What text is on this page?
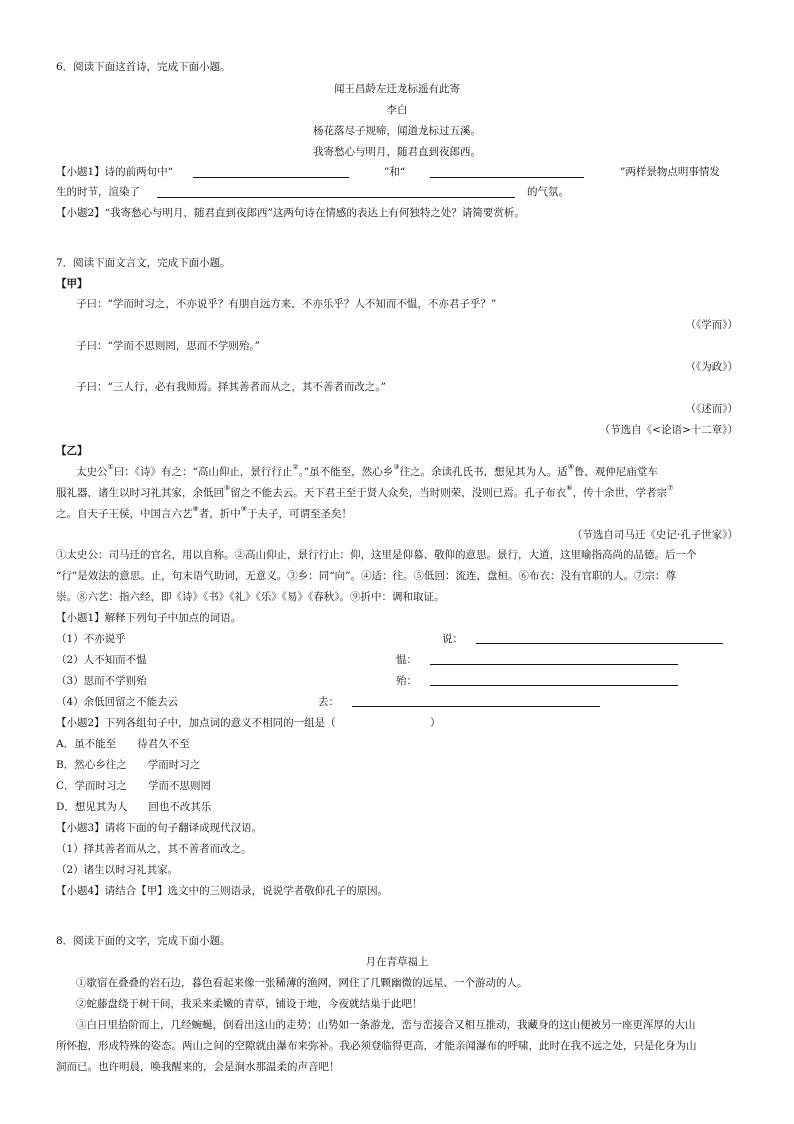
6．阅读下面这首诗，完成下面小题。
闻王昌龄左迁龙标遥有此寄
李白
杨花落尽子规啼，闻道龙标过五溪。
我寄愁心与明月，随君直到夜郎西。
【小题1】诗的前两句中“	”和“	”两样景物点明事情发
生的时节，渲染了	的气氛。
【小题2】“我寄愁心与明月，随君直到夜郎西”这两句诗在情感的表达上有何独特之处？请简要赏析。
7．阅读下面文言文，完成下面小题。
【甲】
子曰：“学而时习之，不亦说乎？有朋自远方来，不亦乐乎？人不知而不愠，不亦君子乎？”
（《学而》）
子曰：“学而不思则罔，思而不学则殆。”
（《为政》）
子曰：“三人行，必有我师焉。择其善者而从之，其不善者而改之。”
（《述而》）
（节选自《<论语>十二章》）
【乙】
太史公①曰：《诗》有之：“高山仰止，景行行止②。”虽不能至，然心乡③往之。余读孔氏书，想见其为人。适④鲁，观仲尼庙堂车
服礼器，诸生以时习礼其家，余低回⑤留之不能去云。天下君王至于贤人众矣，当时则荣，没则已焉。孔子布衣⑥，传十余世，学者宗⑦
之。自天子王侯，中国言六艺⑧者，折中⑨于夫子，可谓至圣矣！
（节选自司马迁《史记·孔子世家》）
①太史公：司马迁的官名，用以自称。②高山仰止，景行行止：仰，这里是仰慕、敬仰的意思。景行，大道，这里喻指高尚的品德。后一个
“行”是效法的意思。止，句末语气助词，无意义。③乡：同“向”。④适：往。⑤低回：流连，盘桓。⑥布衣：没有官职的人。⑦宗：尊
崇。⑧六艺：指六经，即《诗》《书》《礼》《乐》《易》《春秋》。⑨折中：调和取证。
【小题1】解释下列句子中加点的词语。
（1）不亦说乎	说：
（2）人不知而不愠	愠：
（3）思而不学则殆	殆：
（4）余低回留之不能去云	去：
【小题2】下列各组句子中，加点词的意义不相同的一组是（	）
A．虽不能至　　待君久不至
B．然心乡往之　　学而时习之
C．学而时习之　　学而不思则罔
D．想见其为人　　回也不改其乐
【小题3】请将下面的句子翻译成现代汉语。
（1）择其善者而从之，其不善者而改之。
（2）诸生以时习礼其家。
【小题4】请结合【甲】选文中的三则语录，说说学者敬仰孔子的原因。
8．阅读下面的文字，完成下面小题。
月在青草福上
①歇宿在叠叠的岩石边，暮色看起来像一张稀薄的渔网，网住了几颗幽微的远星、一个游动的人。
②蛇藤盘绕于树干间，我采来柔嫩的青草，铺设于地，今夜就结巢于此吧！
③白日里拾阶而上，几经蜿蜒，倒看出这山的走势；山势如一条游龙，峦与峦接合又相互推动，我藏身的这山便被另一座更浑厚的大山
所怀抱，形成特殊的姿态。两山之间的空隙就由瀑布来弥补。我必须登临得更高，才能亲闻瀑布的呼啸，此时在我不远之处，只是化身为山
洞而已。也许明晨，唤我醒来的，会是涧水那温柔的声音吧！
